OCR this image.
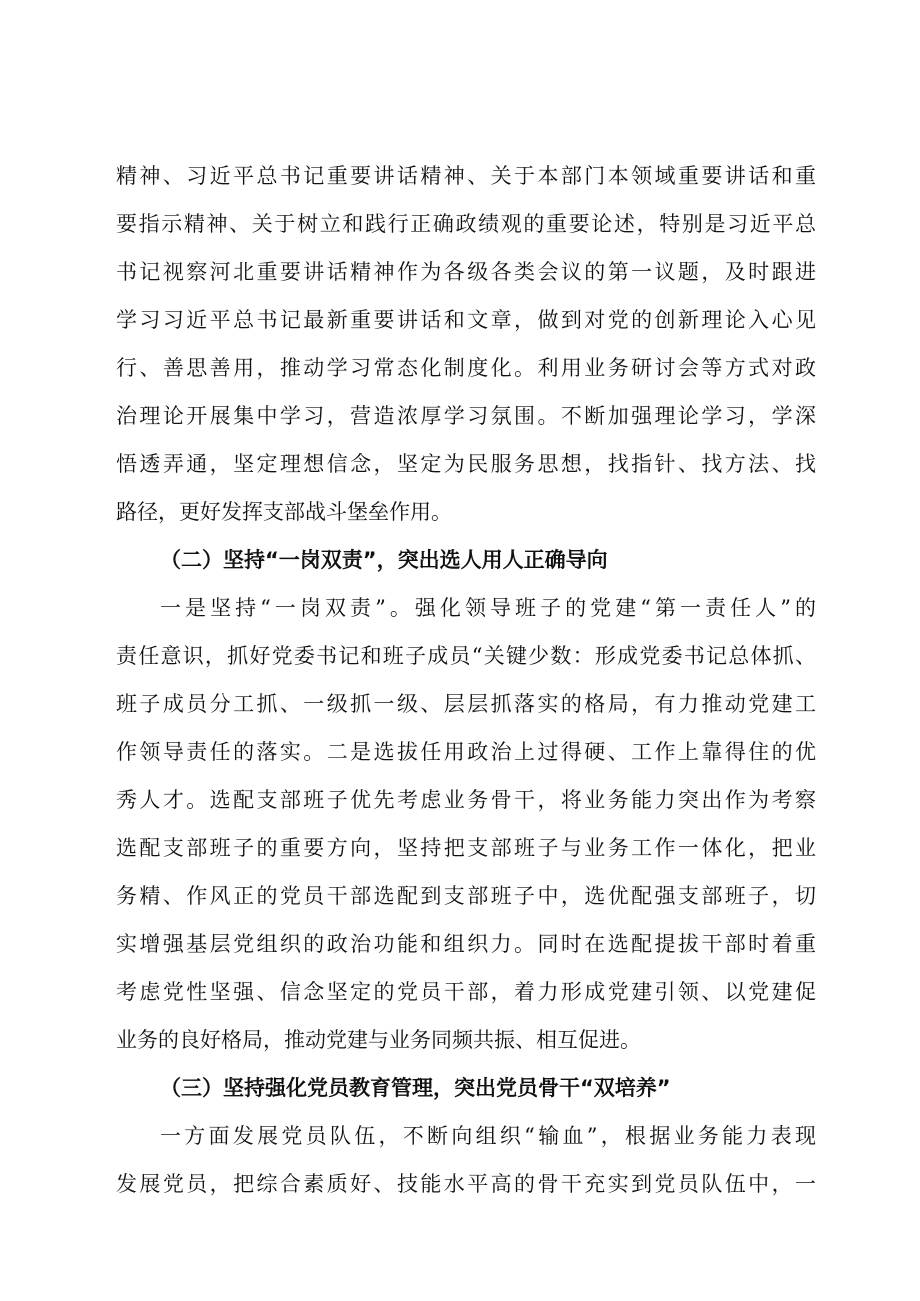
精神、习近平总书记重要讲话精神、关于本部门本领域重要讲话和重
要指示精神、关于树立和践行正确政绩观的重要论述，特别是习近平总
书记视察河北重要讲话精神作为各级各类会议的第一议题，及时跟进
学习习近平总书记最新重要讲话和文章，做到对党的创新理论入心见
行、善思善用，推动学习常态化制度化。利用业务研讨会等方式对政
治理论开展集中学习，营造浓厚学习氛围。不断加强理论学习，学深
悟透弄通，坚定理想信念，坚定为民服务思想，找指针、找方法、找
路径，更好发挥支部战斗堡垒作用。
（二）坚持“一岗双责”，突出选人用人正确导向
一是坚持“一岗双责”。强化领导班子的党建“第一责任人”的
责任意识，抓好党委书记和班子成员“关键少数：形成党委书记总体抓、
班子成员分工抓、一级抓一级、层层抓落实的格局，有力推动党建工
作领导责任的落实。二是选拔任用政治上过得硬、工作上靠得住的优
秀人才。选配支部班子优先考虑业务骨干，将业务能力突出作为考察
选配支部班子的重要方向，坚持把支部班子与业务工作一体化，把业
务精、作风正的党员干部选配到支部班子中，选优配强支部班子，切
实增强基层党组织的政治功能和组织力。同时在选配提拔干部时着重
考虑党性坚强、信念坚定的党员干部，着力形成党建引领、以党建促
业务的良好格局，推动党建与业务同频共振、相互促进。
（三）坚持强化党员教育管理，突出党员骨干“双培养”
一方面发展党员队伍，不断向组织“输血”，根据业务能力表现
发展党员，把综合素质好、技能水平高的骨干充实到党员队伍中，一
